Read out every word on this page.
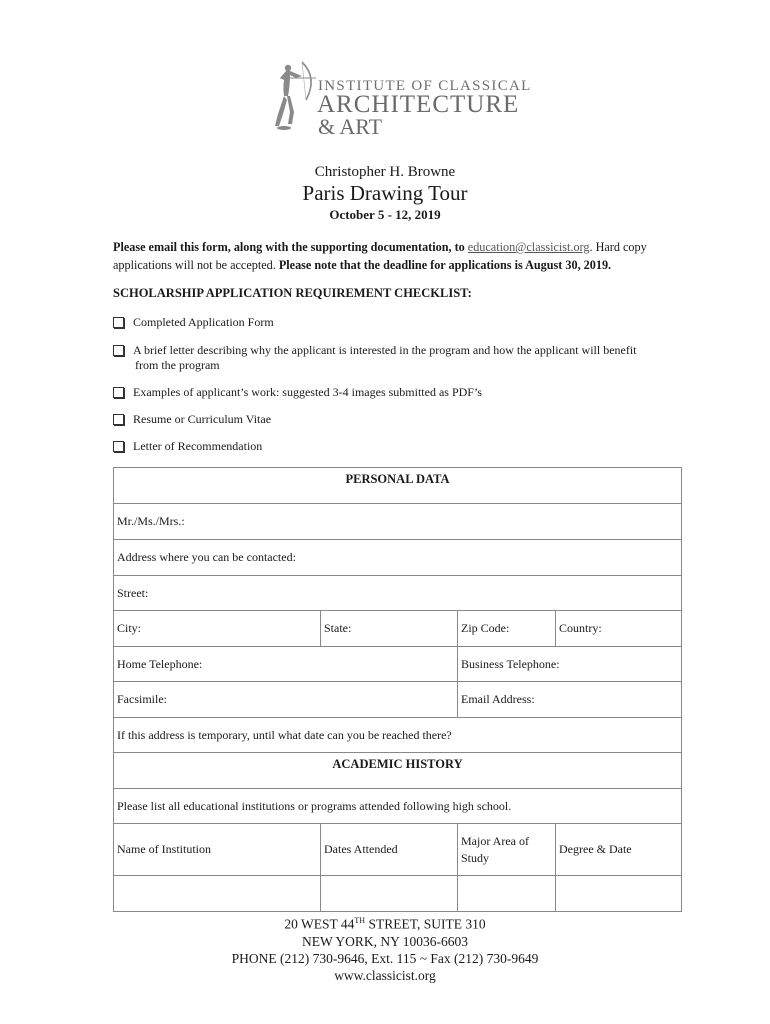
INSTITUTE OF CLASSICAL
ARCHITECTURE
& ART
Christopher H. Browne
Paris Drawing Tour
October 5 - 12, 2019
Please email this form, along with the supporting documentation, to education@classicist.org. Hard copy applications will not be accepted. Please note that the deadline for applications is August 30, 2019.
SCHOLARSHIP APPLICATION REQUIREMENT CHECKLIST:
Completed Application Form
A brief letter describing why the applicant is interested in the program and how the applicant will benefit
from the program
Examples of applicant’s work: suggested 3-4 images submitted as PDF’s
Resume or Curriculum Vitae
Letter of Recommendation
PERSONAL DATA			
Mr./Ms./Mrs.:			
Address where you can be contacted:			
Street:			
City:	State:	Zip Code:	Country:
Home Telephone:		Business Telephone:	
Facsimile:		Email Address:	
If this address is temporary, until what date can you be reached there?			
ACADEMIC HISTORY			
Please list all educational institutions or programs attended following high school.			
Name of Institution	Dates Attended	Major Area of Study	Degree & Date

20 WEST 44TH STREET, SUITE 310
NEW YORK, NY 10036-6603
PHONE (212) 730-9646, Ext. 115 ~ Fax (212) 730-9649
www.classicist.org
